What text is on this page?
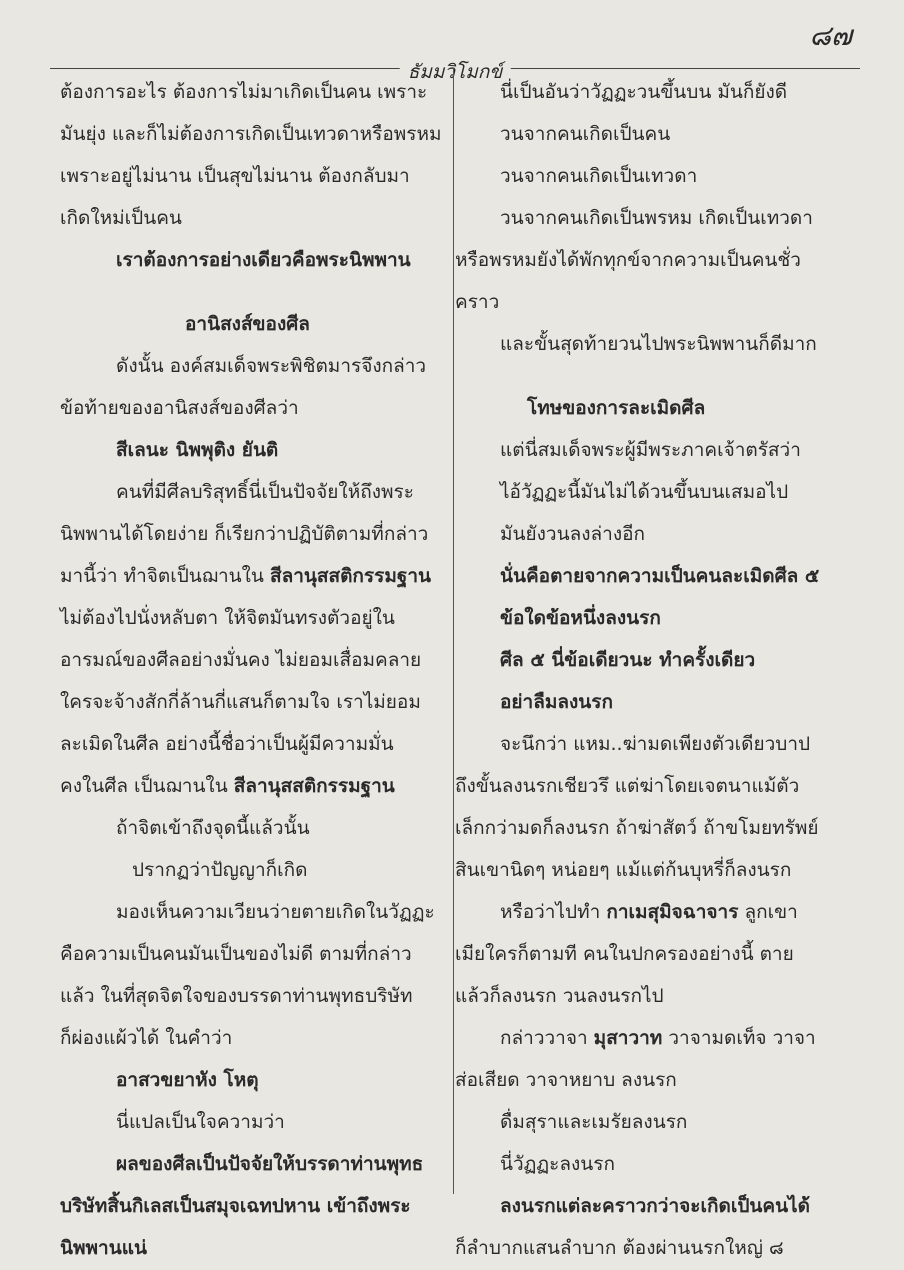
๘๗
ธัมมวิโมกข์
ต้องการอะไร ต้องการไม่มาเกิดเป็นคน เพราะ
มันยุ่ง และก็ไม่ต้องการเกิดเป็นเทวดาหรือพรหม
เพราะอยู่ไม่นาน เป็นสุขไม่นาน ต้องกลับมา
เกิดใหม่เป็นคน
เราต้องการอย่างเดียวคือพระนิพพาน
อานิสงส์ของศีล
ดังนั้น องค์สมเด็จพระพิชิตมารจึงกล่าว
ข้อท้ายของอานิสงส์ของศีลว่า
สีเลนะ นิพพุติง ยันติ
คนที่มีศีลบริสุทธิ์นี่เป็นปัจจัยให้ถึงพระ
นิพพานได้โดยง่าย ก็เรียกว่าปฏิบัติตามที่กล่าว
มานี้ว่า ทำจิตเป็นฌานใน สีลานุสสติกรรมฐาน
ไม่ต้องไปนั่งหลับตา ให้จิตมันทรงตัวอยู่ใน
อารมณ์ของศีลอย่างมั่นคง ไม่ยอมเสื่อมคลาย
ใครจะจ้างสักกี่ล้านกี่แสนก็ตามใจ เราไม่ยอม
ละเมิดในศีล อย่างนี้ชื่อว่าเป็นผู้มีความมั่น
คงในศีล เป็นฌานใน สีลานุสสติกรรมฐาน
ถ้าจิตเข้าถึงจุดนี้แล้วนั้น
ปรากฏว่าปัญญาก็เกิด
มองเห็นความเวียนว่ายตายเกิดในวัฏฏะ
คือความเป็นคนมันเป็นของไม่ดี ตามที่กล่าว
แล้ว ในที่สุดจิตใจของบรรดาท่านพุทธบริษัท
ก็ผ่องแผ้วได้ ในคำว่า
อาสวขยาหัง โหตุ
นี่แปลเป็นใจความว่า
ผลของศีลเป็นปัจจัยให้บรรดาท่านพุทธ
บริษัทสิ้นกิเลสเป็นสมุจเฉทปหาน เข้าถึงพระ
นิพพานแน่
นี่เป็นอันว่าวัฏฏะวนขึ้นบน มันก็ยังดี
วนจากคนเกิดเป็นคน
วนจากคนเกิดเป็นเทวดา
วนจากคนเกิดเป็นพรหม เกิดเป็นเทวดา
หรือพรหมยังได้พักทุกข์จากความเป็นคนชั่ว
คราว
และขั้นสุดท้ายวนไปพระนิพพานก็ดีมาก
โทษของการละเมิดศีล
แต่นี่สมเด็จพระผู้มีพระภาคเจ้าตรัสว่า
ไอ้วัฏฏะนี้มันไม่ได้วนขึ้นบนเสมอไป
มันยังวนลงล่างอีก
นั่นคือตายจากความเป็นคนละเมิดศีล ๕
ข้อใดข้อหนึ่งลงนรก
ศีล ๕ นี่ข้อเดียวนะ ทำครั้งเดียว
อย่าลืมลงนรก
จะนึกว่า แหม..ฆ่ามดเพียงตัวเดียวบาป
ถึงขั้นลงนรกเชียวรึ แต่ฆ่าโดยเจตนาแม้ตัว
เล็กกว่ามดก็ลงนรก ถ้าฆ่าสัตว์ ถ้าขโมยทรัพย์
สินเขานิดๆ หน่อยๆ แม้แต่ก้นบุหรี่ก็ลงนรก
หรือว่าไปทำ กาเมสุมิจฉาจาร ลูกเขา
เมียใครก็ตามที คนในปกครองอย่างนี้ ตาย
แล้วก็ลงนรก วนลงนรกไป
กล่าววาจา มุสาวาท วาจามดเท็จ วาจา
ส่อเสียด วาจาหยาบ ลงนรก
ดื่มสุราและเมรัยลงนรก
นี่วัฏฏะลงนรก
ลงนรกแต่ละคราวกว่าจะเกิดเป็นคนได้
ก็ลำบากแสนลำบาก ต้องผ่านนรกใหญ่ ๘
